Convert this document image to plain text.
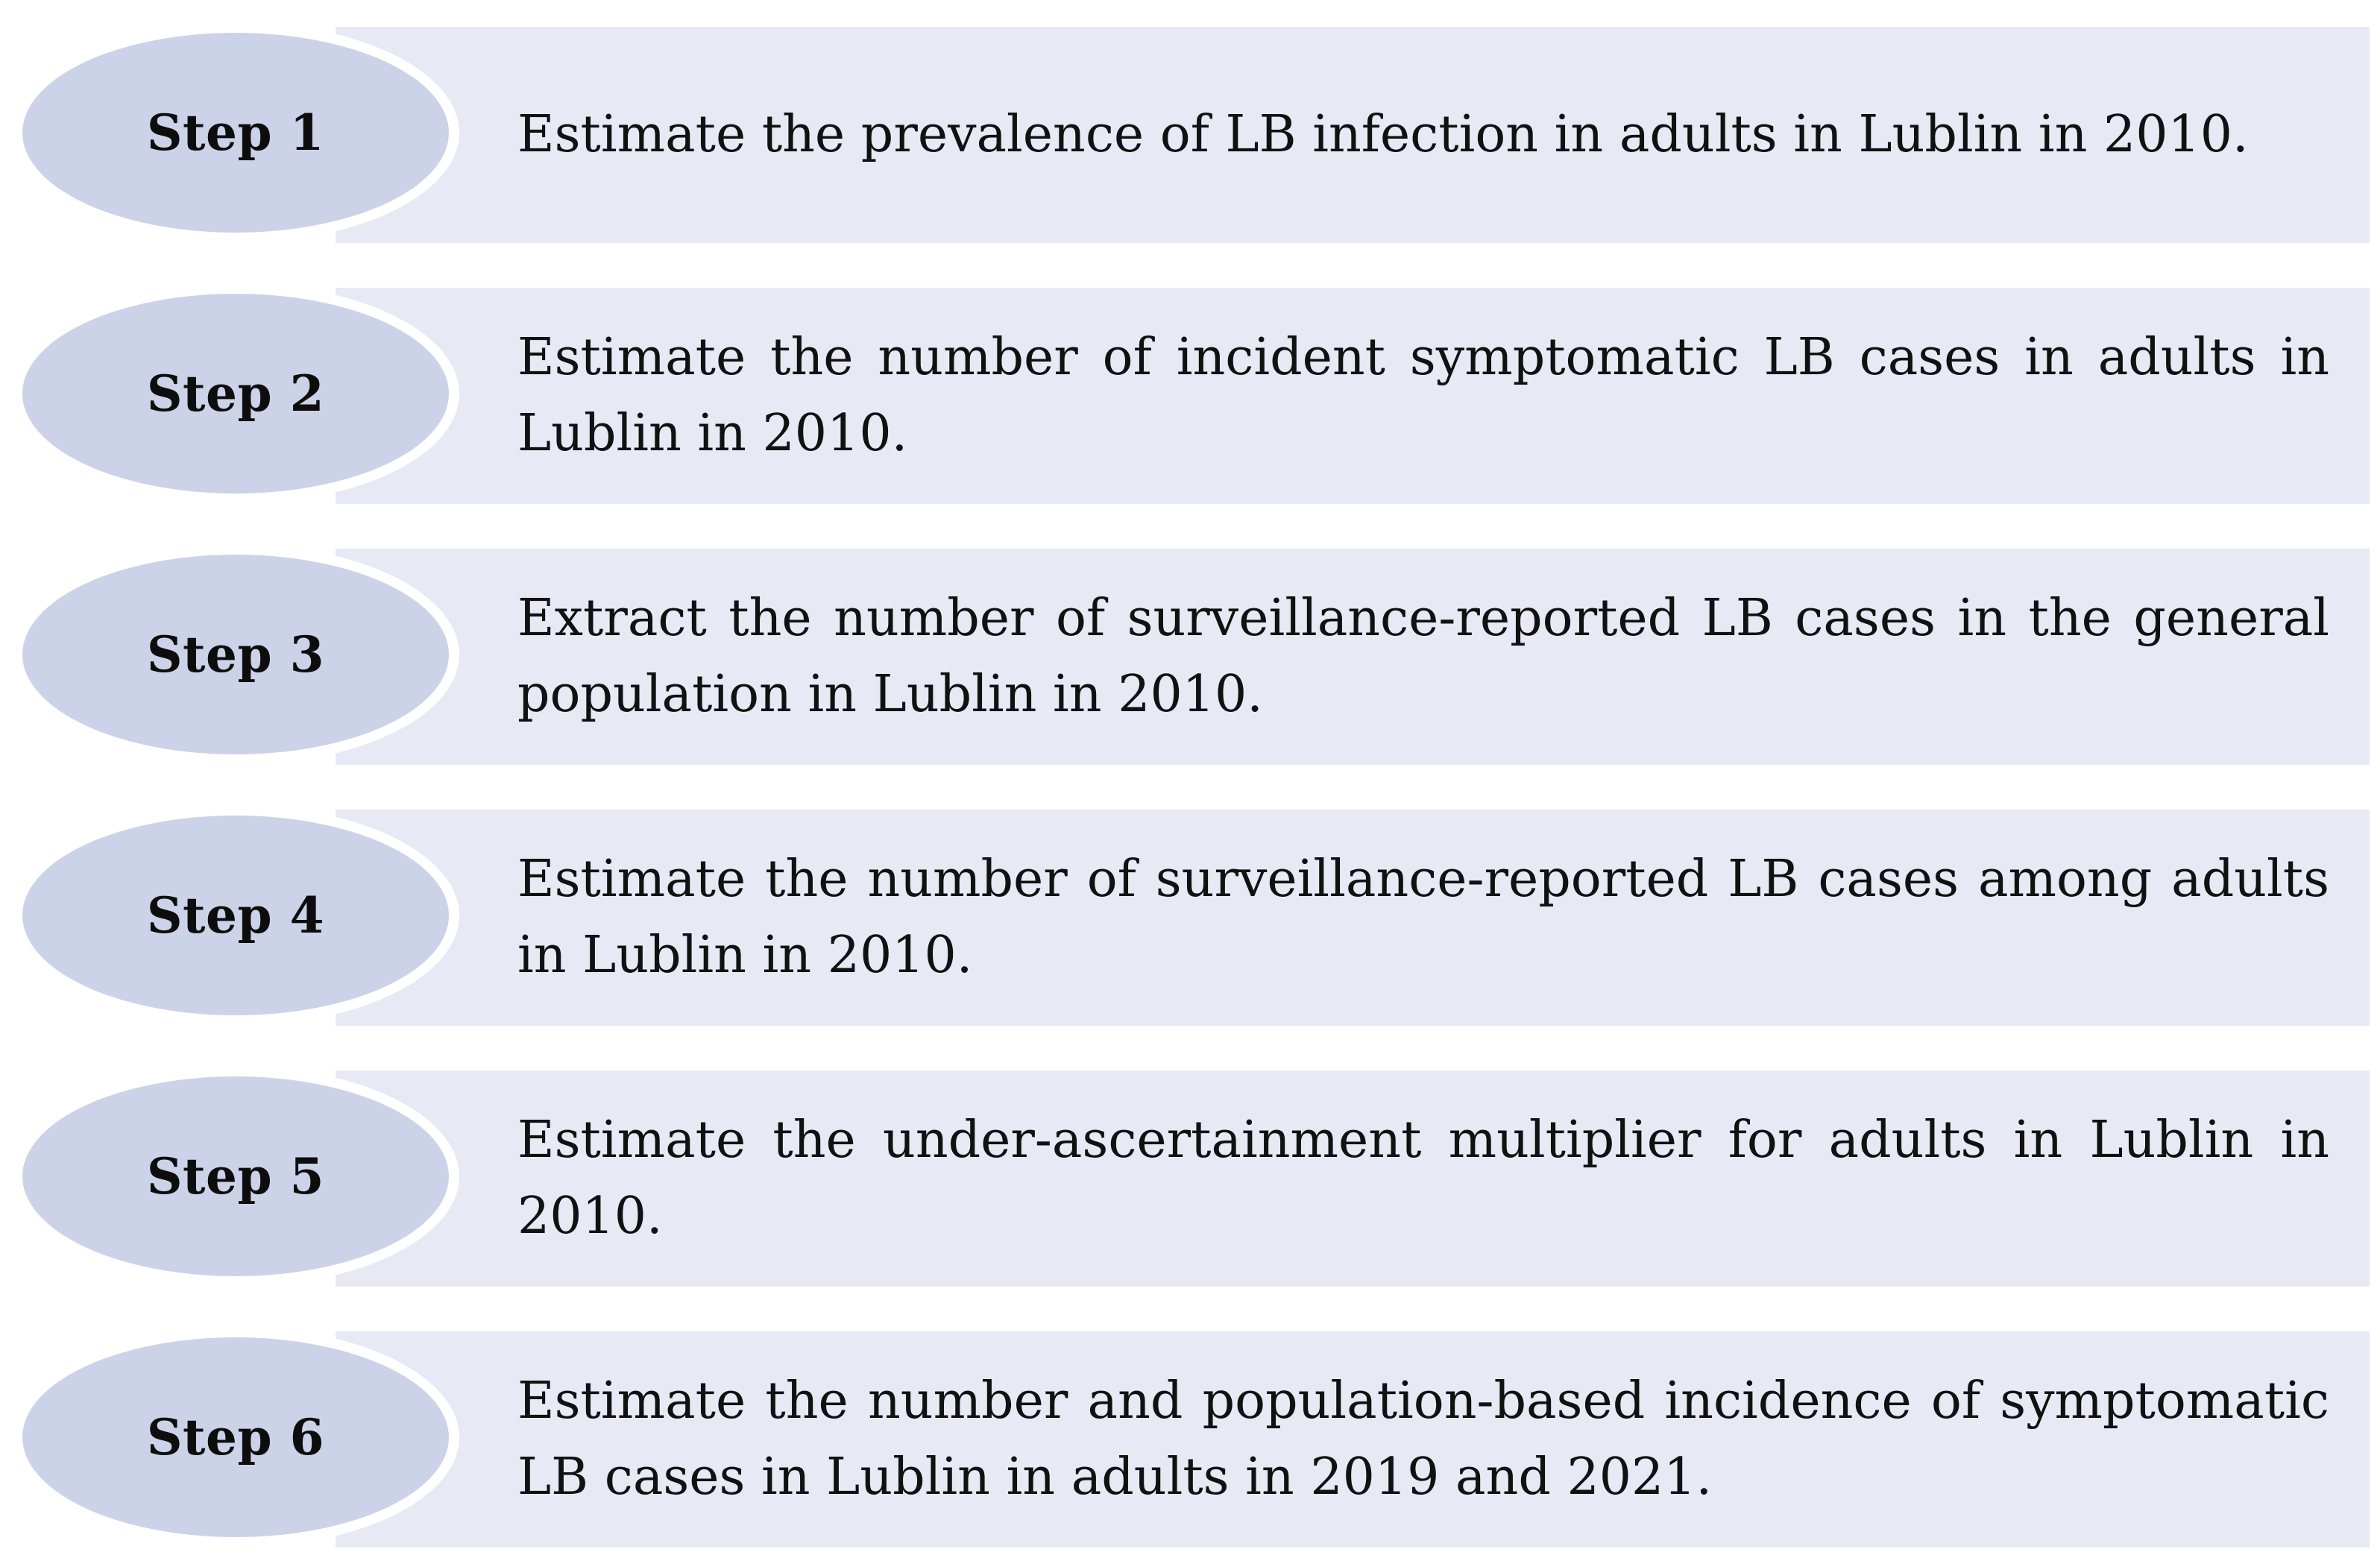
Step 1	Estimate the prevalence of LB infection in adults in Lublin in 2010.
Step 2
Estimate the number of incident symptomatic LB cases in adults in Lublin in 2010.
Step 3
Extract the number of surveillance-reported LB cases in the general population in Lublin in 2010.
Step 4
Estimate the number of surveillance-reported LB cases among adults in Lublin in 2010.
Step 5
Estimate the under-ascertainment multiplier for adults in Lublin in 2010.
Step 6
Estimate the number and population-based incidence of symptomatic LB cases in Lublin in adults in 2019 and 2021.
